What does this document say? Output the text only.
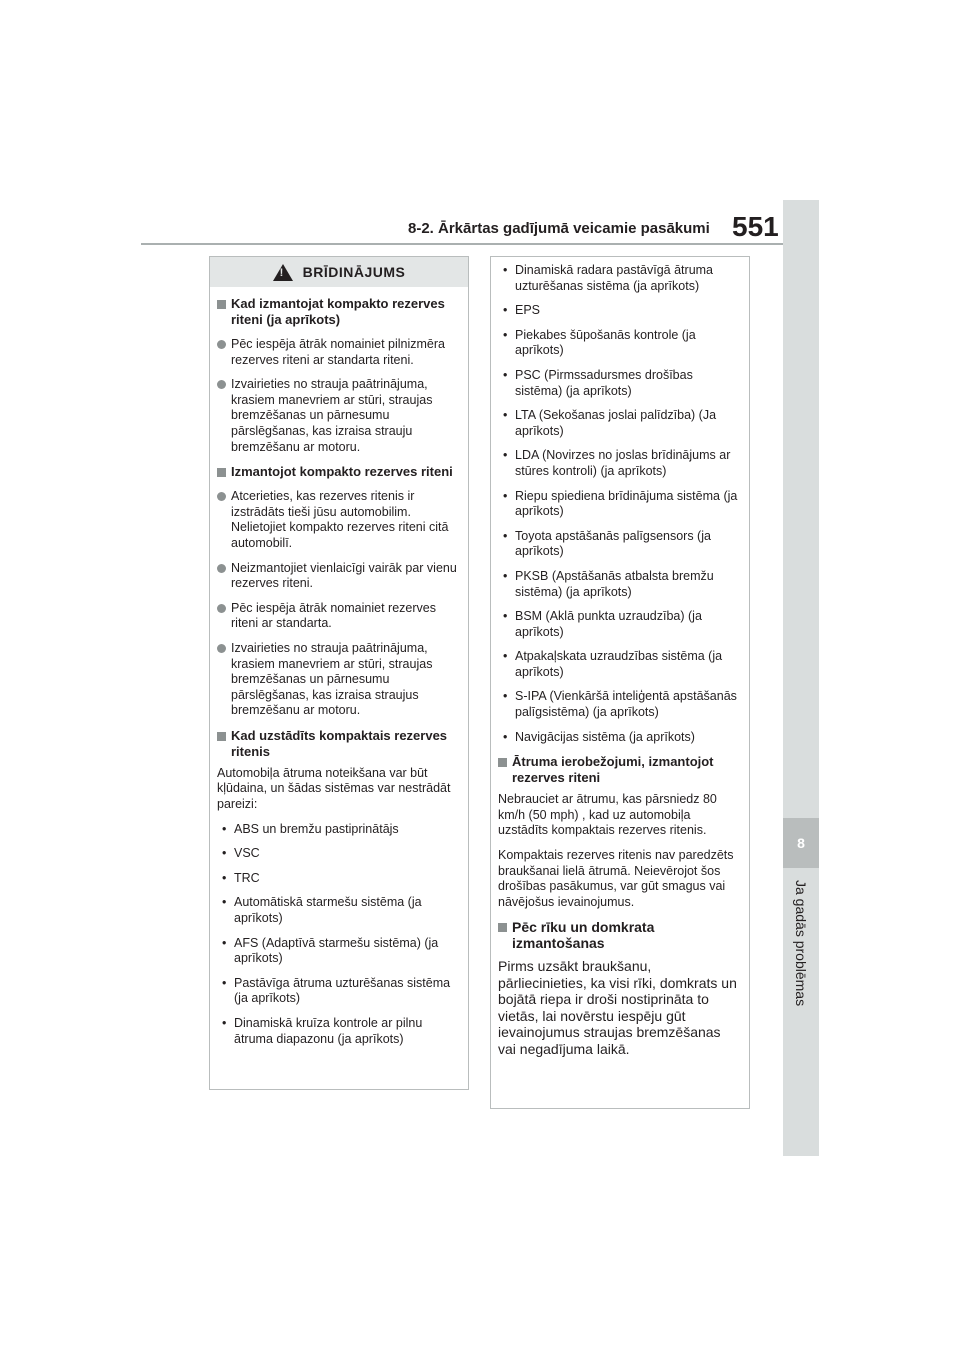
8
Ja gadās problēmas
8-2. Ārkārtas gadījumā veicamie pasākumi 551
!
BRĪDINĀJUMS
Kad izmantojat kompakto rezerves riteni (ja aprīkots)
Pēc iespēja ātrāk nomainiet pilnizmēra rezerves riteni ar standarta riteni.
Izvairieties no strauja paātrinājuma, krasiem manevriem ar stūri, straujas bremzēšanas un pārnesumu pārslēgšanas, kas izraisa strauju bremzēšanu ar motoru.
Izmantojot kompakto rezerves riteni
Atcerieties, kas rezerves ritenis ir izstrādāts tieši jūsu automobilim. Nelietojiet kompakto rezerves riteni citā automobilī.
Neizmantojiet vienlaicīgi vairāk par vienu rezerves riteni.
Pēc iespēja ātrāk nomainiet rezerves riteni ar standarta.
Izvairieties no strauja paātrinājuma, krasiem manevriem ar stūri, straujas bremzēšanas un pārnesumu pārslēgšanas, kas izraisa straujus bremzēšanu ar motoru.
Kad uzstādīts kompaktais rezerves ritenis
Automobiļa ātruma noteikšana var būt kļūdaina, un šādas sistēmas var nestrādāt pareizi:
• ABS un bremžu pastiprinātājs
• VSC
• TRC
• Automātiskā starmešu sistēma (ja aprīkots)
• AFS (Adaptīvā starmešu sistēma) (ja aprīkots)
• Pastāvīga ātruma uzturēšanas sistēma (ja aprīkots)
• Dinamiskā kruīza kontrole ar pilnu ātruma diapazonu (ja aprīkots)
• Dinamiskā radara pastāvīgā ātruma uzturēšanas sistēma (ja aprīkots)
• EPS
• Piekabes šūpošanās kontrole (ja aprīkots)
• PSC (Pirmssadursmes drošības sistēma) (ja aprīkots)
• LTA (Sekošanas joslai palīdzība) (Ja aprīkots)
• LDA (Novirzes no joslas brīdinājums ar stūres kontroli) (ja aprīkots)
• Riepu spiediena brīdinājuma sistēma (ja aprīkots)
• Toyota apstāšanās palīgsensors (ja aprīkots)
• PKSB (Apstāšanās atbalsta bremžu sistēma) (ja aprīkots)
• BSM (Aklā punkta uzraudzība) (ja aprīkots)
• Atpakaļskata uzraudzības sistēma (ja aprīkots)
• S-IPA (Vienkāršā inteliģentā apstāšanās palīgsistēma) (ja aprīkots)
• Navigācijas sistēma (ja aprīkots)
Ātruma ierobežojumi, izmantojot rezerves riteni
Nebrauciet ar ātrumu, kas pārsniedz 80 km/h (50 mph) , kad uz automobiļa uzstādīts kompaktais rezerves ritenis.
Kompaktais rezerves ritenis nav paredzēts braukšanai lielā ātrumā. Neievērojot šos drošības pasākumus, var gūt smagus vai nāvējošus ievainojumus.
Pēc rīku un domkrata izmantošanas
Pirms uzsākt braukšanu, pārliecinieties, ka visi rīki, domkrats un bojātā riepa ir droši nostiprināta to vietās, lai novērstu iespēju gūt ievainojumus straujas bremzēšanas vai negadījuma laikā.
